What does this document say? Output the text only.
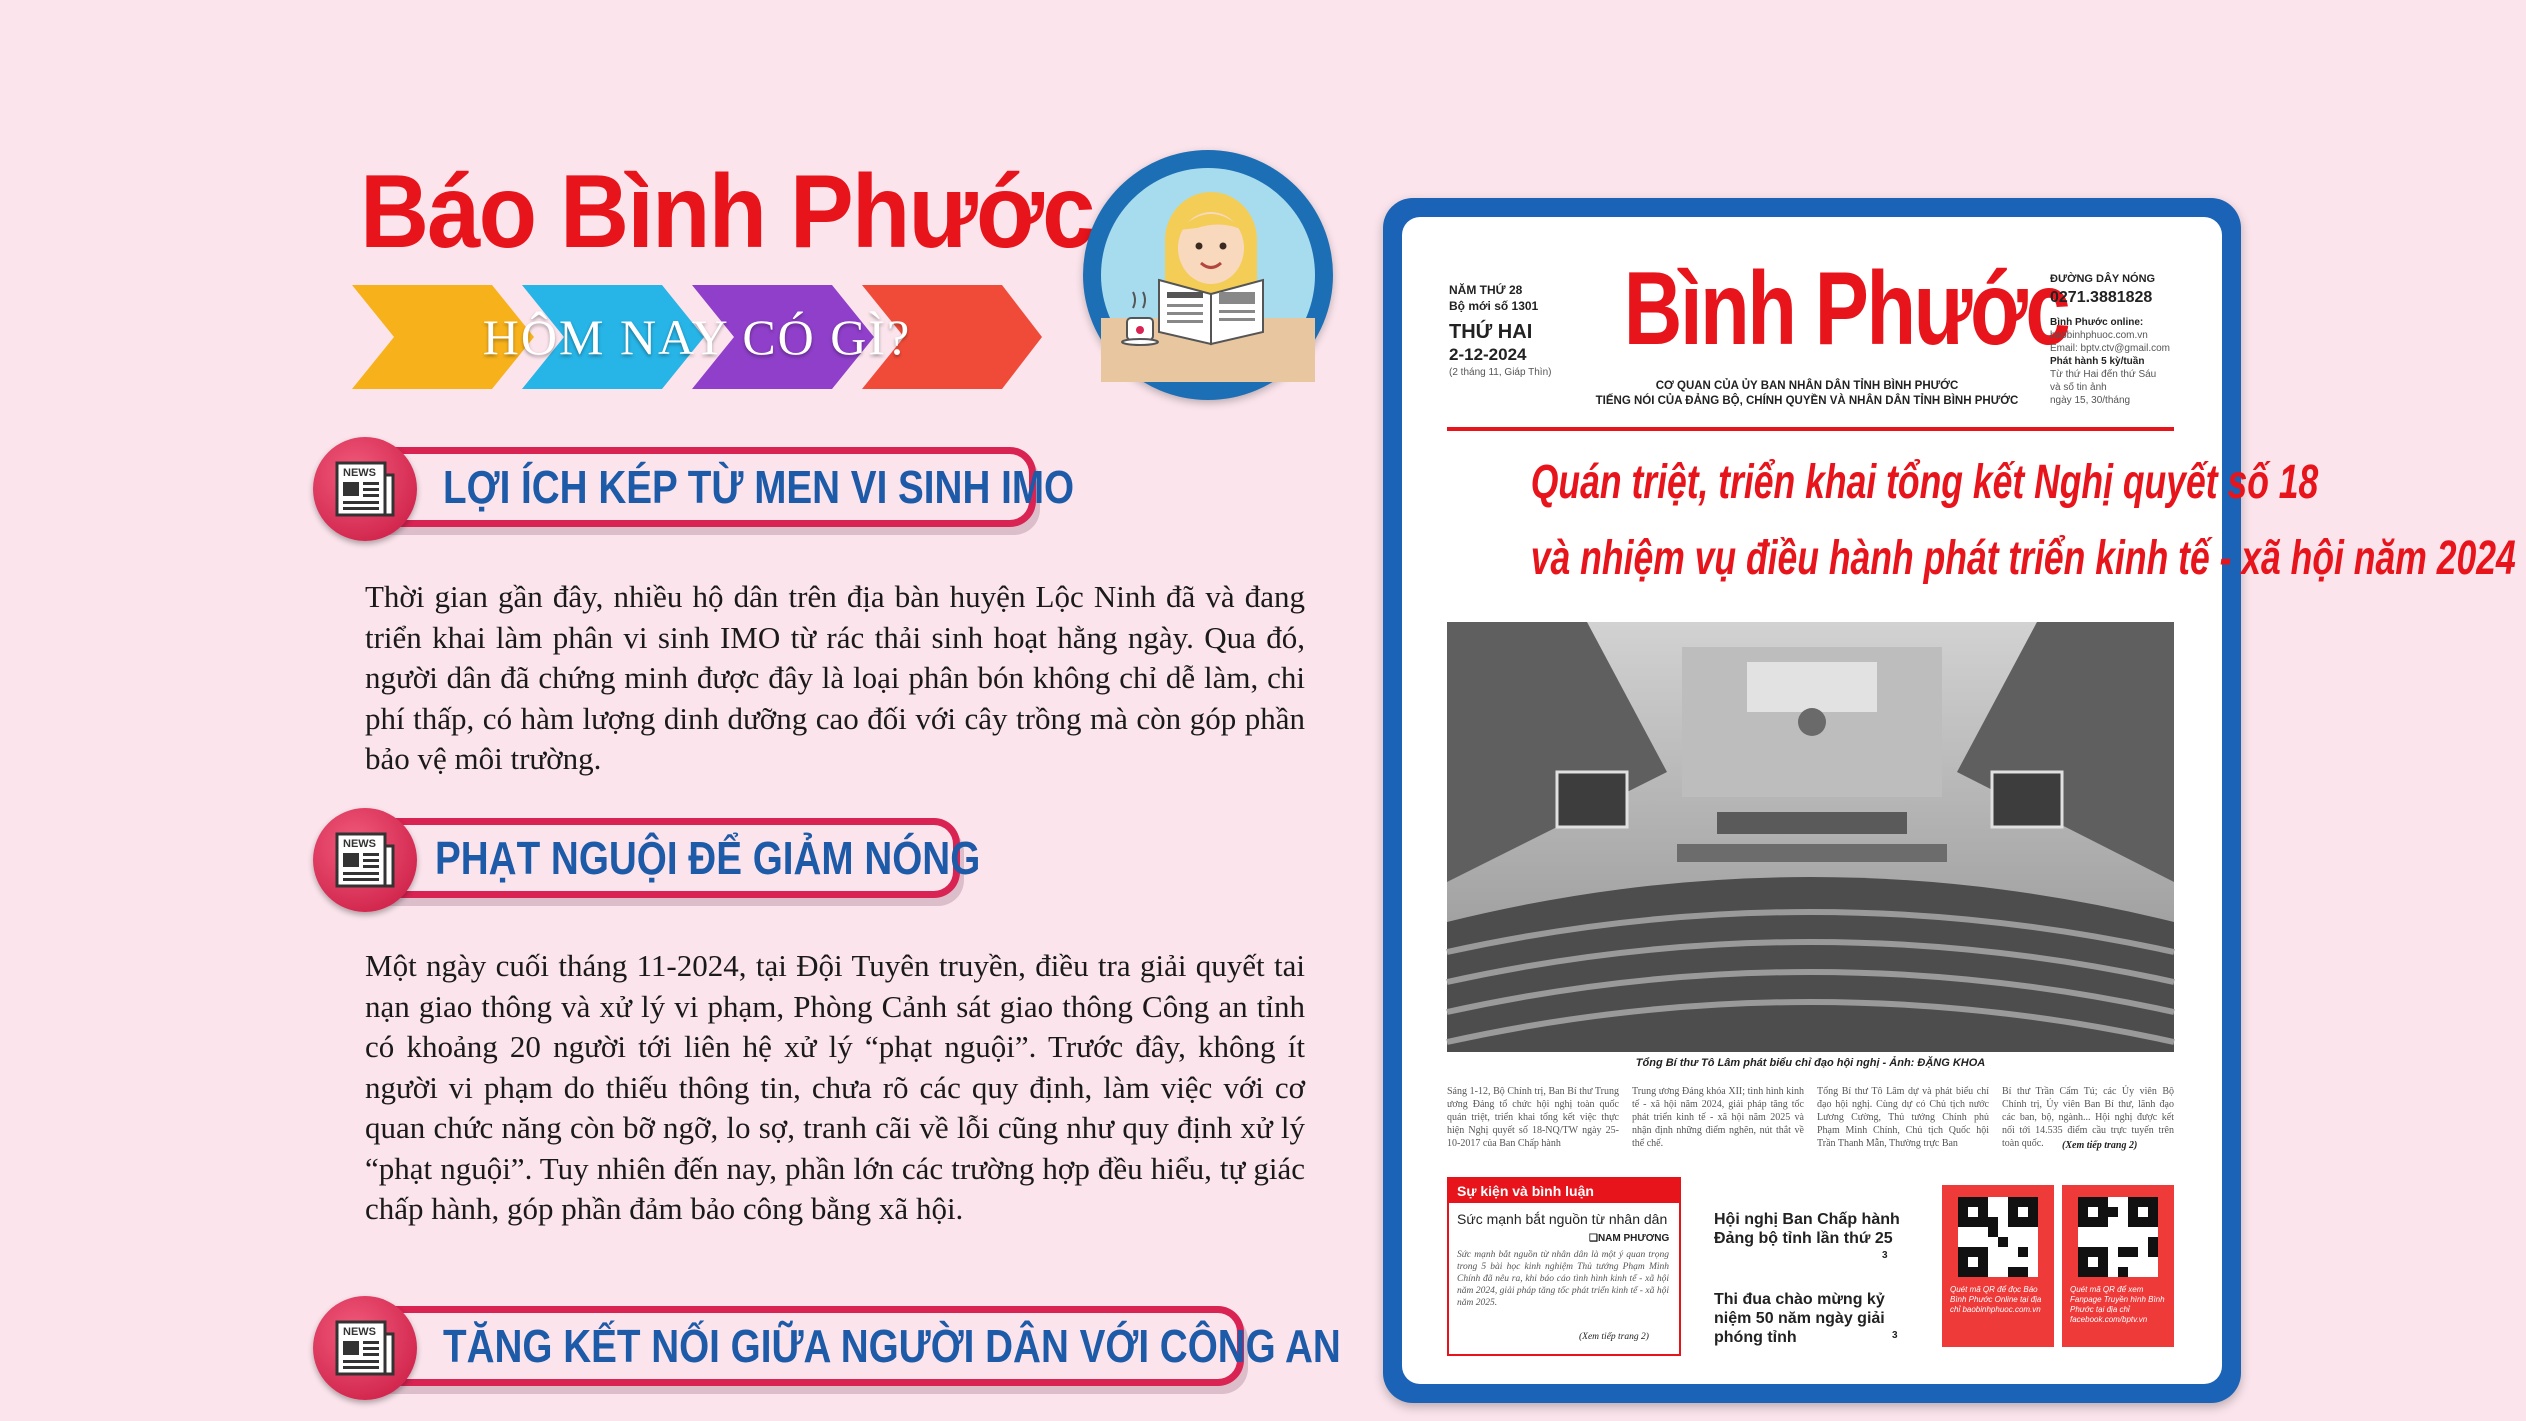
Báo Bình Phước
HÔM NAY CÓ GÌ?
NEWS LỢI ÍCH KÉP TỪ MEN VI SINH IMO
Thời gian gần đây, nhiều hộ dân trên địa bàn huyện Lộc Ninh đã và đang triển khai làm phân vi sinh IMO từ rác thải sinh hoạt hằng ngày. Qua đó, người dân đã chứng minh được đây là loại phân bón không chỉ dễ làm, chi phí thấp, có hàm lượng dinh dưỡng cao đối với cây trồng mà còn góp phần bảo vệ môi trường.
NEWS PHẠT NGUỘI ĐỂ GIẢM NÓNG
Một ngày cuối tháng 11-2024, tại Đội Tuyên truyền, điều tra giải quyết tai nạn giao thông và xử lý vi phạm, Phòng Cảnh sát giao thông Công an tỉnh có khoảng 20 người tới liên hệ xử lý “phạt nguội”. Trước đây, không ít người vi phạm do thiếu thông tin, chưa rõ các quy định, làm việc với cơ quan chức năng còn bỡ ngỡ, lo sợ, tranh cãi về lỗi cũng như quy định xử lý “phạt nguội”. Tuy nhiên đến nay, phần lớn các trường hợp đều hiểu, tự giác chấp hành, góp phần đảm bảo công bằng xã hội.
NEWS TĂNG KẾT NỐI GIỮA NGƯỜI DÂN VỚI CÔNG AN
NĂM THỨ 28
Bộ mới số 1301
THỨ HAI
2-12-2024
(2 tháng 11, Giáp Thìn)
Bình Phước
CƠ QUAN CỦA ỦY BAN NHÂN DÂN TỈNH BÌNH PHƯỚC
TIẾNG NÓI CỦA ĐẢNG BỘ, CHÍNH QUYỀN VÀ NHÂN DÂN TỈNH BÌNH PHƯỚC
ĐƯỜNG DÂY NÓNG
0271.3881828
Bình Phước online:
baobinhphuoc.com.vn
Email: bptv.ctv@gmail.com
Phát hành 5 kỳ/tuần
Từ thứ Hai đến thứ Sáu
và số tin ảnh
ngày 15, 30/tháng
Quán triệt, triển khai tổng kết Nghị quyết số 18
và nhiệm vụ điều hành phát triển kinh tế - xã hội năm 2024
Tổng Bí thư Tô Lâm phát biểu chỉ đạo hội nghị - Ảnh: ĐẶNG KHOA
Sáng 1-12, Bộ Chính trị, Ban Bí thư Trung ương Đảng tổ chức hội nghị toàn quốc quán triệt, triển khai tổng kết việc thực hiện Nghị quyết số 18-NQ/TW ngày 25-10-2017 của Ban Chấp hành
Trung ương Đảng khóa XII; tình hình kinh tế - xã hội năm 2024, giải pháp tăng tốc phát triển kinh tế - xã hội năm 2025 và nhận định những điểm nghẽn, nút thắt về thể chế.
Tổng Bí thư Tô Lâm dự và phát biểu chỉ đạo hội nghị. Cùng dự có Chủ tịch nước Lương Cường, Thủ tướng Chính phủ Phạm Minh Chính, Chủ tịch Quốc hội Trần Thanh Mẫn, Thường trực Ban
Bí thư Trần Cẩm Tú; các Ủy viên Bộ Chính trị, Ủy viên Ban Bí thư, lãnh đạo các ban, bộ, ngành... Hội nghị được kết nối tới 14.535 điểm cầu trực tuyến trên toàn quốc.	(Xem tiếp trang 2)
Sự kiện và bình luận
Sức mạnh bắt nguồn từ nhân dân
❑NAM PHƯƠNG
Sức mạnh bắt nguồn từ nhân dân là một ý quan trọng trong 5 bài học kinh nghiệm Thủ tướng Phạm Minh Chính đã nêu ra, khi báo cáo tình hình kinh tế - xã hội năm 2024, giải pháp tăng tốc phát triển kinh tế - xã hội năm 2025.
(Xem tiếp trang 2)
Hội nghị Ban Chấp hành Đảng bộ tỉnh lần thứ 25
3
Thi đua chào mừng kỷ niệm 50 năm ngày giải phóng tỉnh	3
Quét mã QR để đọc Báo Bình Phước Online tại địa chỉ baobinhphuoc.com.vn
Quét mã QR để xem Fanpage Truyền hình Bình Phước tại địa chỉ facebook.com/bptv.vn
